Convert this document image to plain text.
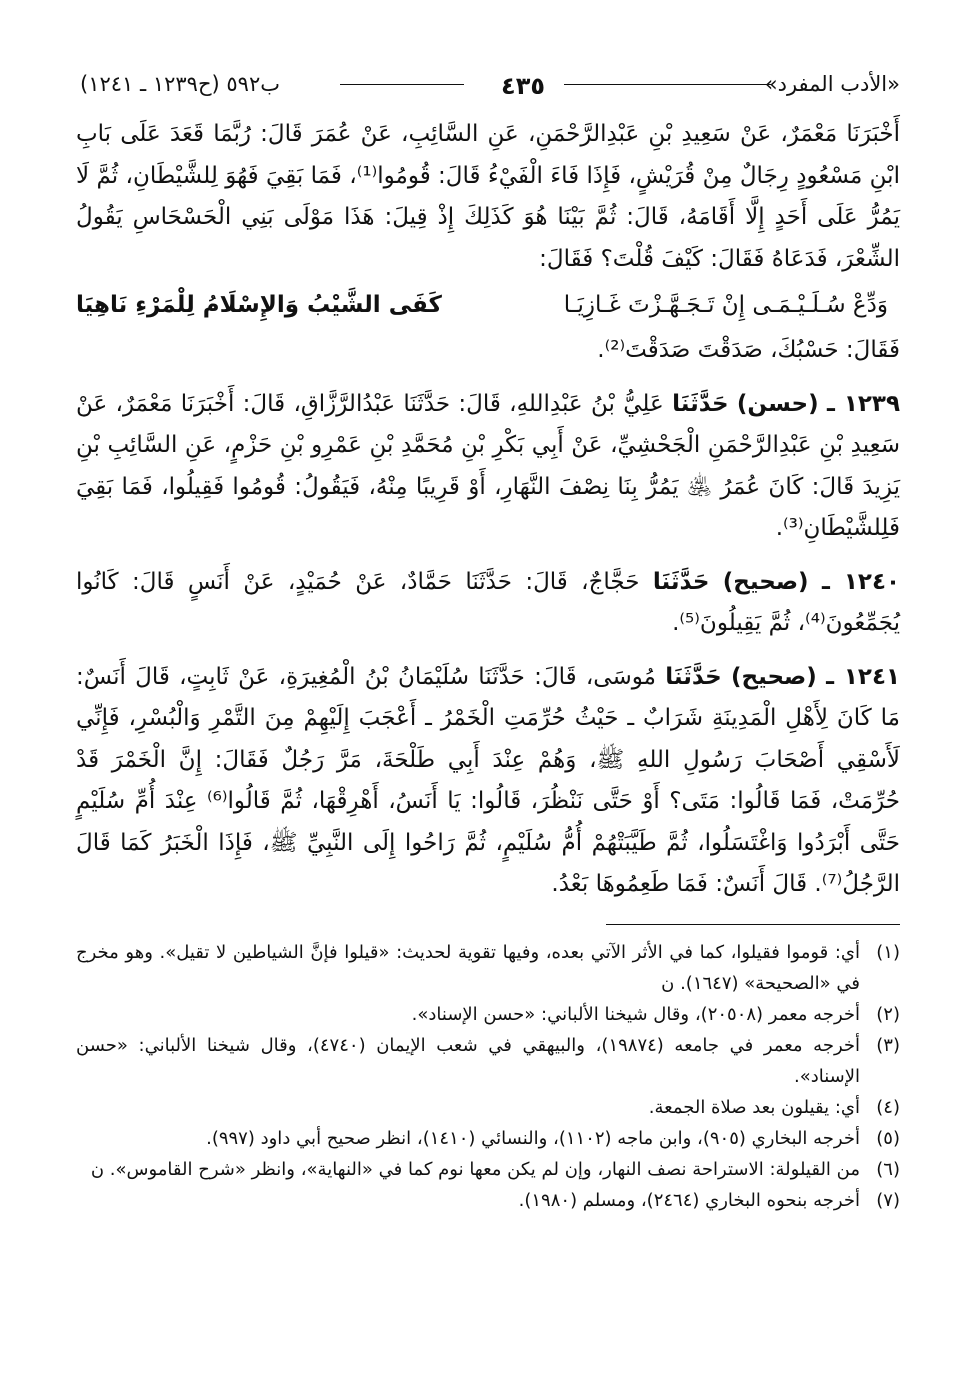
«الأدب المفرد»
٤٣٥
ب٥٩٢ (ح١٢٣٩ ـ ١٢٤١)

أَخْبَرَنَا مَعْمَرٌ، عَنْ سَعِيدِ بْنِ عَبْدِالرَّحْمَنِ، عَنِ السَّائِبِ، عَنْ عُمَرَ قَالَ: رُبَّمَا قَعَدَ عَلَى بَابِ ابْنِ مَسْعُودٍ رِجَالٌ مِنْ قُرَيْشٍ، فَإِذَا فَاءَ الْفَيْءُ قَالَ: قُومُوا⁽¹⁾، فَمَا بَقِيَ فَهُوَ لِلشَّيْطَانِ، ثُمَّ لَا يَمُرُّ عَلَى أَحَدٍ إِلَّا أَقَامَهُ، قَالَ: ثُمَّ بَيْنَا هُوَ كَذَلِكَ إِذْ قِيلَ: هَذَا مَوْلَى بَنِي الْحَسْحَاسِ يَقُولُ الشِّعْرَ، فَدَعَاهُ فَقَالَ: كَيْفَ قُلْتَ؟ فَقَالَ:

وَدِّعْ سُـلَـيْـمَـى إِنْ تَـجَـهَّـزْتَ غَـازِيَـا
كَفَى الشَّيْبُ وَالإِسْلَامُ لِلْمَرْءِ نَاهِيَا

فَقَالَ: حَسْبُكَ، صَدَقْتَ صَدَقْتَ⁽²⁾.

١٢٣٩ ـ (حسن) حَدَّثَنَا عَلِيُّ بْنُ عَبْدِاللهِ، قَالَ: حَدَّثَنَا عَبْدُالرَّزَّاقِ، قَالَ: أَخْبَرَنَا مَعْمَرٌ، عَنْ سَعِيدِ بْنِ عَبْدِالرَّحْمَنِ الْجَحْشِيِّ، عَنْ أَبِي بَكْرِ بْنِ مُحَمَّدِ بْنِ عَمْرِو بْنِ حَزْمٍ، عَنِ السَّائِبِ بْنِ يَزِيدَ قَالَ: كَانَ عُمَرُ ﵁ يَمُرُّ بِنَا نِصْفَ النَّهَارِ، أَوْ قَرِيبًا مِنْهُ، فَيَقُولُ: قُومُوا فَقِيلُوا، فَمَا بَقِيَ فَلِلشَّيْطَانِ⁽³⁾.

١٢٤٠ ـ (صحيح) حَدَّثَنَا حَجَّاجٌ، قَالَ: حَدَّثَنَا حَمَّادٌ، عَنْ حُمَيْدٍ، عَنْ أَنَسٍ قَالَ: كَانُوا يُجَمِّعُونَ⁽⁴⁾، ثُمَّ يَقِيلُونَ⁽⁵⁾.

١٢٤١ ـ (صحيح) حَدَّثَنَا مُوسَى، قَالَ: حَدَّثَنَا سُلَيْمَانُ بْنُ الْمُغِيرَةِ، عَنْ ثَابِتٍ، قَالَ أَنَسٌ: مَا كَانَ لِأَهْلِ الْمَدِينَةِ شَرَابٌ ـ حَيْثُ حُرِّمَتِ الْخَمْرُ ـ أَعْجَبَ إِلَيْهِمْ مِنَ التَّمْرِ وَالْبُسْرِ، فَإِنِّي لَأَسْقِي أَصْحَابَ رَسُولِ اللهِ ﷺ، وَهُمْ عِنْدَ أَبِي طَلْحَةَ، مَرَّ رَجُلٌ فَقَالَ: إِنَّ الْخَمْرَ قَدْ حُرِّمَتْ، فَمَا قَالُوا: مَتَى؟ أَوْ حَتَّى نَنْظُرَ، قَالُوا: يَا أَنَسُ، أَهْرِقْهَا، ثُمَّ قَالُوا⁽⁶⁾ عِنْدَ أُمِّ سُلَيْمٍ حَتَّى أَبْرَدُوا وَاغْتَسَلُوا، ثُمَّ طَيَّبَتْهُمْ أُمُّ سُلَيْمٍ، ثُمَّ رَاحُوا إِلَى النَّبِيِّ ﷺ، فَإِذَا الْخَبَرُ كَمَا قَالَ الرَّجُلُ⁽⁷⁾. قَالَ أَنَسٌ: فَمَا طَعِمُوهَا بَعْدُ.

(١)
أي: قوموا فقيلوا، كما في الأثر الآتي بعده، وفيها تقوية لحديث: «قيلوا فإنَّ الشياطين لا تقيل». وهو مخرج في «الصحيحة» (١٦٤٧). ن
(٢)
أخرجه معمر (٢٠٥٠٨)، وقال شيخنا الألباني: «حسن الإسناد».
(٣)
أخرجه معمر في جامعه (١٩٨٧٤)، والبيهقي في شعب الإيمان (٤٧٤٠)، وقال شيخنا الألباني: «حسن الإسناد».
(٤)
أي: يقيلون بعد صلاة الجمعة.
(٥)
أخرجه البخاري (٩٠٥)، وابن ماجه (١١٠٢)، والنسائي (١٤١٠)، انظر صحيح أبي داود (٩٩٧).
(٦)
من القيلولة: الاستراحة نصف النهار، وإن لم يكن معها نوم كما في «النهاية»، وانظر «شرح القاموس». ن
(٧)
أخرجه بنحوه البخاري (٢٤٦٤)، ومسلم (١٩٨٠).
